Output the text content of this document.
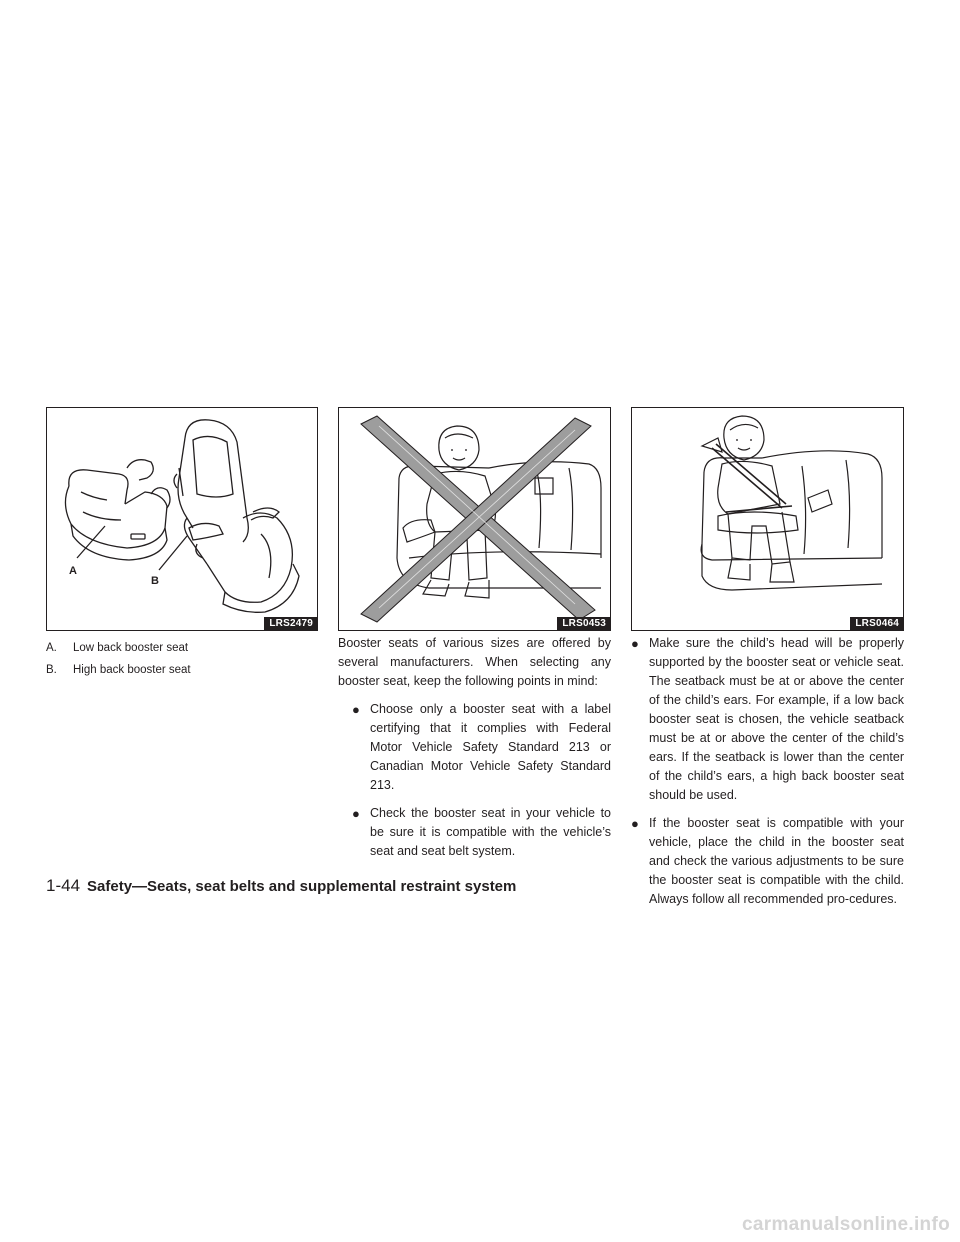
A
B
LRS2479	LRS0453	LRS0464
A.	Low back booster seat
B.	High back booster seat

Booster seats of various sizes are offered by several manufacturers. When selecting any booster seat, keep the following points in mind:

● Choose only a booster seat with a label certifying that it complies with Federal Motor Vehicle Safety Standard 213 or Canadian Motor Vehicle Safety Standard 213.

● Check the booster seat in your vehicle to be sure it is compatible with the vehicle’s seat and seat belt system.

● Make sure the child’s head will be properly supported by the booster seat or vehicle seat. The seatback must be at or above the center of the child’s ears. For example, if a low back booster seat is chosen, the vehicle seatback must be at or above the center of the child’s ears. If the seatback is lower than the center of the child’s ears, a high back booster seat should be used.

● If the booster seat is compatible with your vehicle, place the child in the booster seat and check the various adjustments to be sure the booster seat is compatible with the child. Always follow all recommended pro-cedures.

1-44 Safety—Seats, seat belts and supplemental restraint system
carmanualsonline.info
